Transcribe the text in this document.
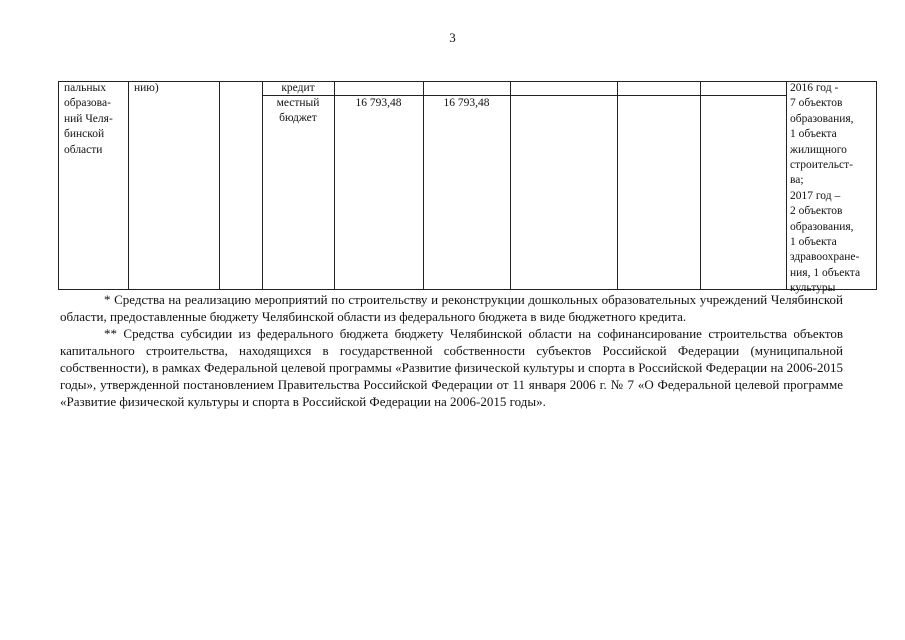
3
пальных
образова-
ний Челя-
бинской
области
нию)	кредит
местный
бюджет
16 793,48	16 793,48
2016 год -
7 объектов
образования,
1 объекта
жилищного
строительст-
ва;
2017 год –
2 объектов
образования,
1 объекта
здравоохране-
ния, 1 объекта
культуры

* Средства на реализацию мероприятий по строительству и реконструкции дошкольных образовательных учреждений Челябинской области, предоставленные бюджету Челябинской области из федерального бюджета в виде бюджетного кредита.

** Средства субсидии из федерального бюджета бюджету Челябинской области на софинансирование строительства объектов капитального строительства, находящихся в государственной собственности субъектов Российской Федерации (муниципальной собственности), в рамках Федеральной целевой программы «Развитие физической культуры и спорта в Российской Федерации на 2006-2015 годы», утвержденной постановлением Правительства Российской Федерации от 11 января 2006 г. № 7 «О Федеральной целевой программе «Развитие физической культуры и спорта в Российской Федерации на 2006-2015 годы».
